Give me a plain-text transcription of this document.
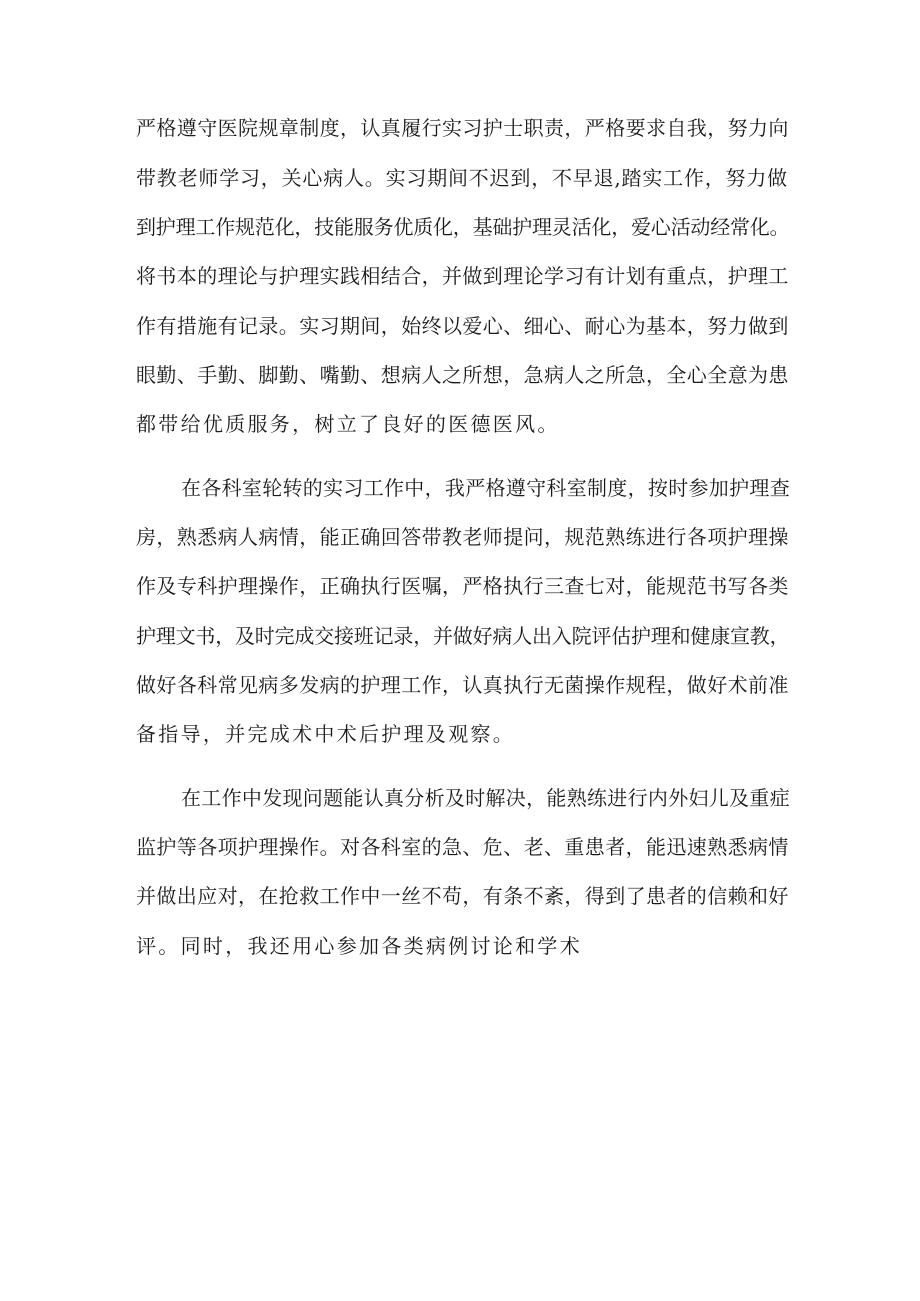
严格遵守医院规章制度，认真履行实习护士职责，严格要求自我，努力向
带教老师学习，关心病人。实习期间不迟到，不早退,踏实工作，努力做
到护理工作规范化，技能服务优质化，基础护理灵活化，爱心活动经常化。
将书本的理论与护理实践相结合，并做到理论学习有计划有重点，护理工
作有措施有记录。实习期间，始终以爱心、细心、耐心为基本，努力做到
眼勤、手勤、脚勤、嘴勤、想病人之所想，急病人之所急，全心全意为患
都带给优质服务，树立了良好的医德医风。
在各科室轮转的实习工作中，我严格遵守科室制度，按时参加护理查
房，熟悉病人病情，能正确回答带教老师提问，规范熟练进行各项护理操
作及专科护理操作，正确执行医嘱，严格执行三查七对，能规范书写各类
护理文书，及时完成交接班记录，并做好病人出入院评估护理和健康宣教，
做好各科常见病多发病的护理工作，认真执行无菌操作规程，做好术前准
备指导，并完成术中术后护理及观察。
在工作中发现问题能认真分析及时解决，能熟练进行内外妇儿及重症
监护等各项护理操作。对各科室的急、危、老、重患者，能迅速熟悉病情
并做出应对，在抢救工作中一丝不苟，有条不紊，得到了患者的信赖和好
评。同时，我还用心参加各类病例讨论和学术
